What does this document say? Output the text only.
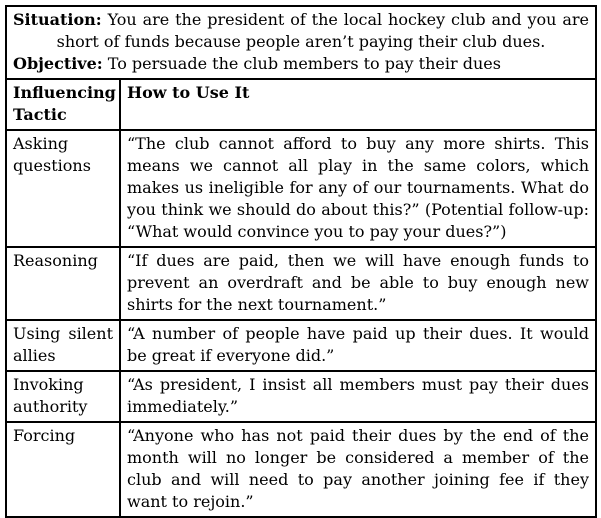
Situation: You are the president of the local hockey club and you are short of funds because people aren’t paying their club dues.

Objective: To persuade the club members to pay their dues	

Influencing Tactic	How to Use It
Asking questions	“The club cannot afford to buy any more shirts. This means we cannot all play in the same colors, which makes us ineligible for any of our tournaments. What do you think we should do about this?” (Potential follow-up: “What would convince you to pay your dues?”)
Reasoning	“If dues are paid, then we will have enough funds to prevent an overdraft and be able to buy enough new shirts for the next tournament.”
Using silent allies	“A number of people have paid up their dues. It would be great if everyone did.”
Invoking authority	“As president, I insist all members must pay their dues immediately.”
Forcing	“Anyone who has not paid their dues by the end of the month will no longer be considered a member of the club and will need to pay another joining fee if they want to rejoin.”
